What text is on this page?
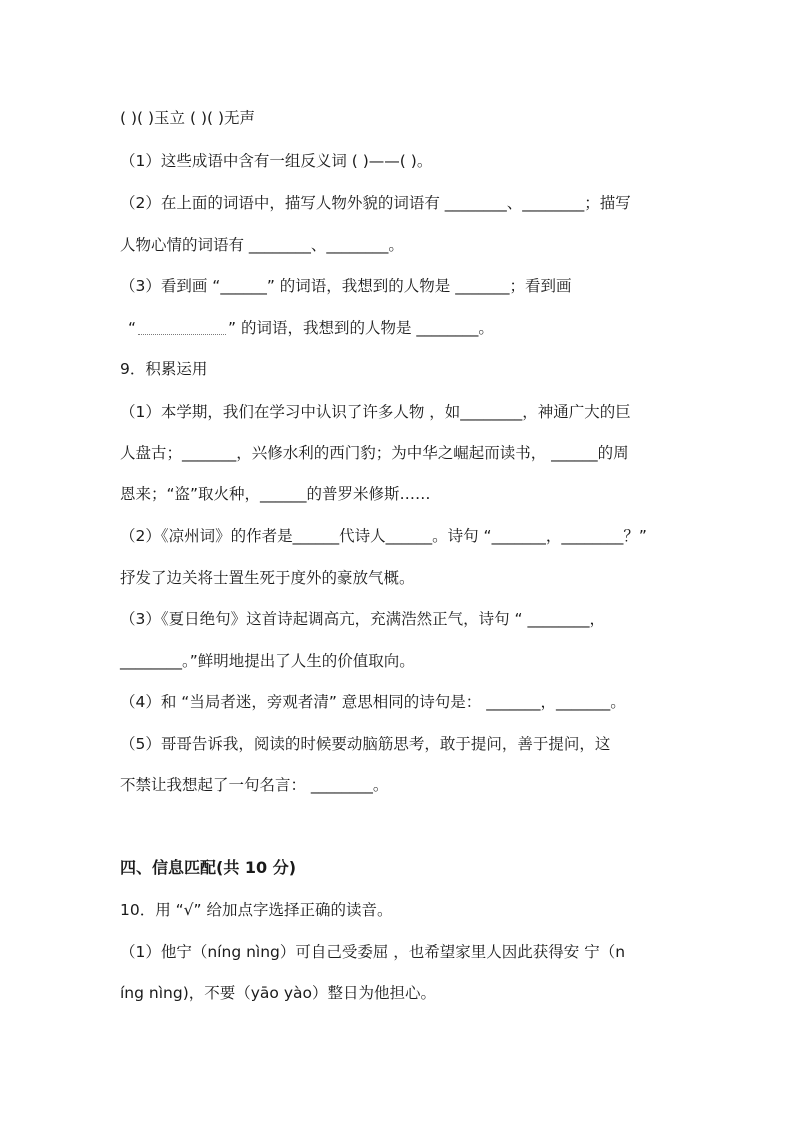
( )( )玉立 ( )( )无声
（1）这些成语中含有一组反义词 ( )——( )。
（2）在上面的词语中，描写人物外貌的词语有 ________、________；描写
人物心情的词语有 ________、________。
（3）看到画 “______” 的词语，我想到的人物是 _______；看到画
“	” 的词语，我想到的人物是 ________。
9．积累运用
（1）本学期，我们在学习中认识了许多人物 ，如________，神通广大的巨
人盘古；_______，兴修水利的西门豹；为中华之崛起而读书， ______的周
恩来；“盗”取火种，______的普罗米修斯……
（2）《凉州词》的作者是______代诗人______。诗句 “_______，________？”
抒发了边关将士置生死于度外的豪放气概。
（3）《夏日绝句》这首诗起调高亢，充满浩然正气，诗句 “ ________，
________。”鲜明地提出了人生的价值取向。
（4）和 “当局者迷，旁观者清” 意思相同的诗句是： _______，_______。
（5）哥哥告诉我，阅读的时候要动脑筋思考，敢于提问，善于提问，这
不禁让我想起了一句名言： ________。
四、信息匹配(共 10 分)
10．用 “√” 给加点字选择正确的读音。
（1）他宁（níng nìng）可自己受委屈 ，也希望家里人因此获得安 宁（n
íng nìng)，不要（yāo yào）整日为他担心。
